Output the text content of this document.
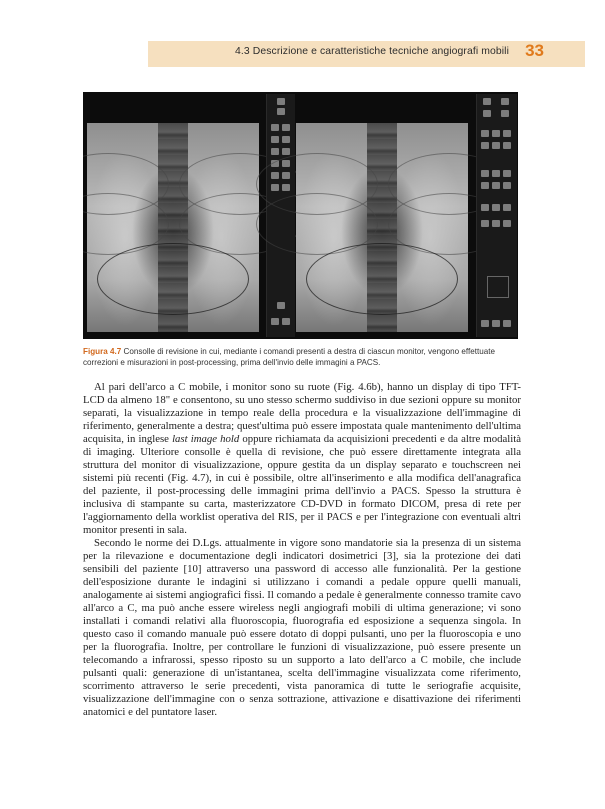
4.3 Descrizione e caratteristiche tecniche angiografi mobili 33
Figura 4.7 Consolle di revisione in cui, mediante i comandi presenti a destra di ciascun monitor, vengono effettuate correzioni e misurazioni in post-processing, prima dell'invio delle immagini a PACS.

Al pari dell'arco a C mobile, i monitor sono su ruote (Fig. 4.6b), hanno un display di tipo TFT-LCD da almeno 18" e consentono, su uno stesso schermo suddiviso in due sezioni oppure su monitor separati, la visualizzazione in tempo reale della procedura e la visualizzazione dell'immagine di riferimento, generalmente a destra; quest'ultima può essere impostata quale mantenimento dell'ultima acquisita, in inglese last image hold oppure richiamata da acquisizioni precedenti e da altre modalità di imaging. Ulteriore consolle è quella di revisione, che può essere direttamente integrata alla struttura del monitor di visualizzazione, oppure gestita da un display separato e touchscreen nei sistemi più recenti (Fig. 4.7), in cui è possibile, oltre all'inserimento e alla modifica dell'anagrafica del paziente, il post-processing delle immagini prima dell'invio a PACS. Spesso la struttura è inclusiva di stampante su carta, masterizzatore CD-DVD in formato DICOM, presa di rete per l'aggiornamento della worklist operativa del RIS, per il PACS e per l'integrazione con eventuali altri monitor presenti in sala.

Secondo le norme dei D.Lgs. attualmente in vigore sono mandatorie sia la presenza di un sistema per la rilevazione e documentazione degli indicatori dosimetrici [3], sia la protezione dei dati sensibili del paziente [10] attraverso una password di accesso alle funzionalità. Per la gestione dell'esposizione durante le indagini si utilizzano i comandi a pedale oppure quelli manuali, analogamente ai sistemi angiografici fissi. Il comando a pedale è generalmente connesso tramite cavo all'arco a C, ma può anche essere wireless negli angiografi mobili di ultima generazione; vi sono installati i comandi relativi alla fluoroscopia, fluorografia ed esposizione a sequenza singola. In questo caso il comando manuale può essere dotato di doppi pulsanti, uno per la fluoroscopia e uno per la fluorografia. Inoltre, per controllare le funzioni di visualizzazione, può essere presente un telecomando a infrarossi, spesso riposto su un supporto a lato dell'arco a C mobile, che include pulsanti quali: generazione di un'istantanea, scelta dell'immagine visualizzata come riferimento, scorrimento attraverso le serie precedenti, vista panoramica di tutte le seriografie acquisite, visualizzazione dell'immagine con o senza sottrazione, attivazione e disattivazione dei riferimenti anatomici e del puntatore laser.
